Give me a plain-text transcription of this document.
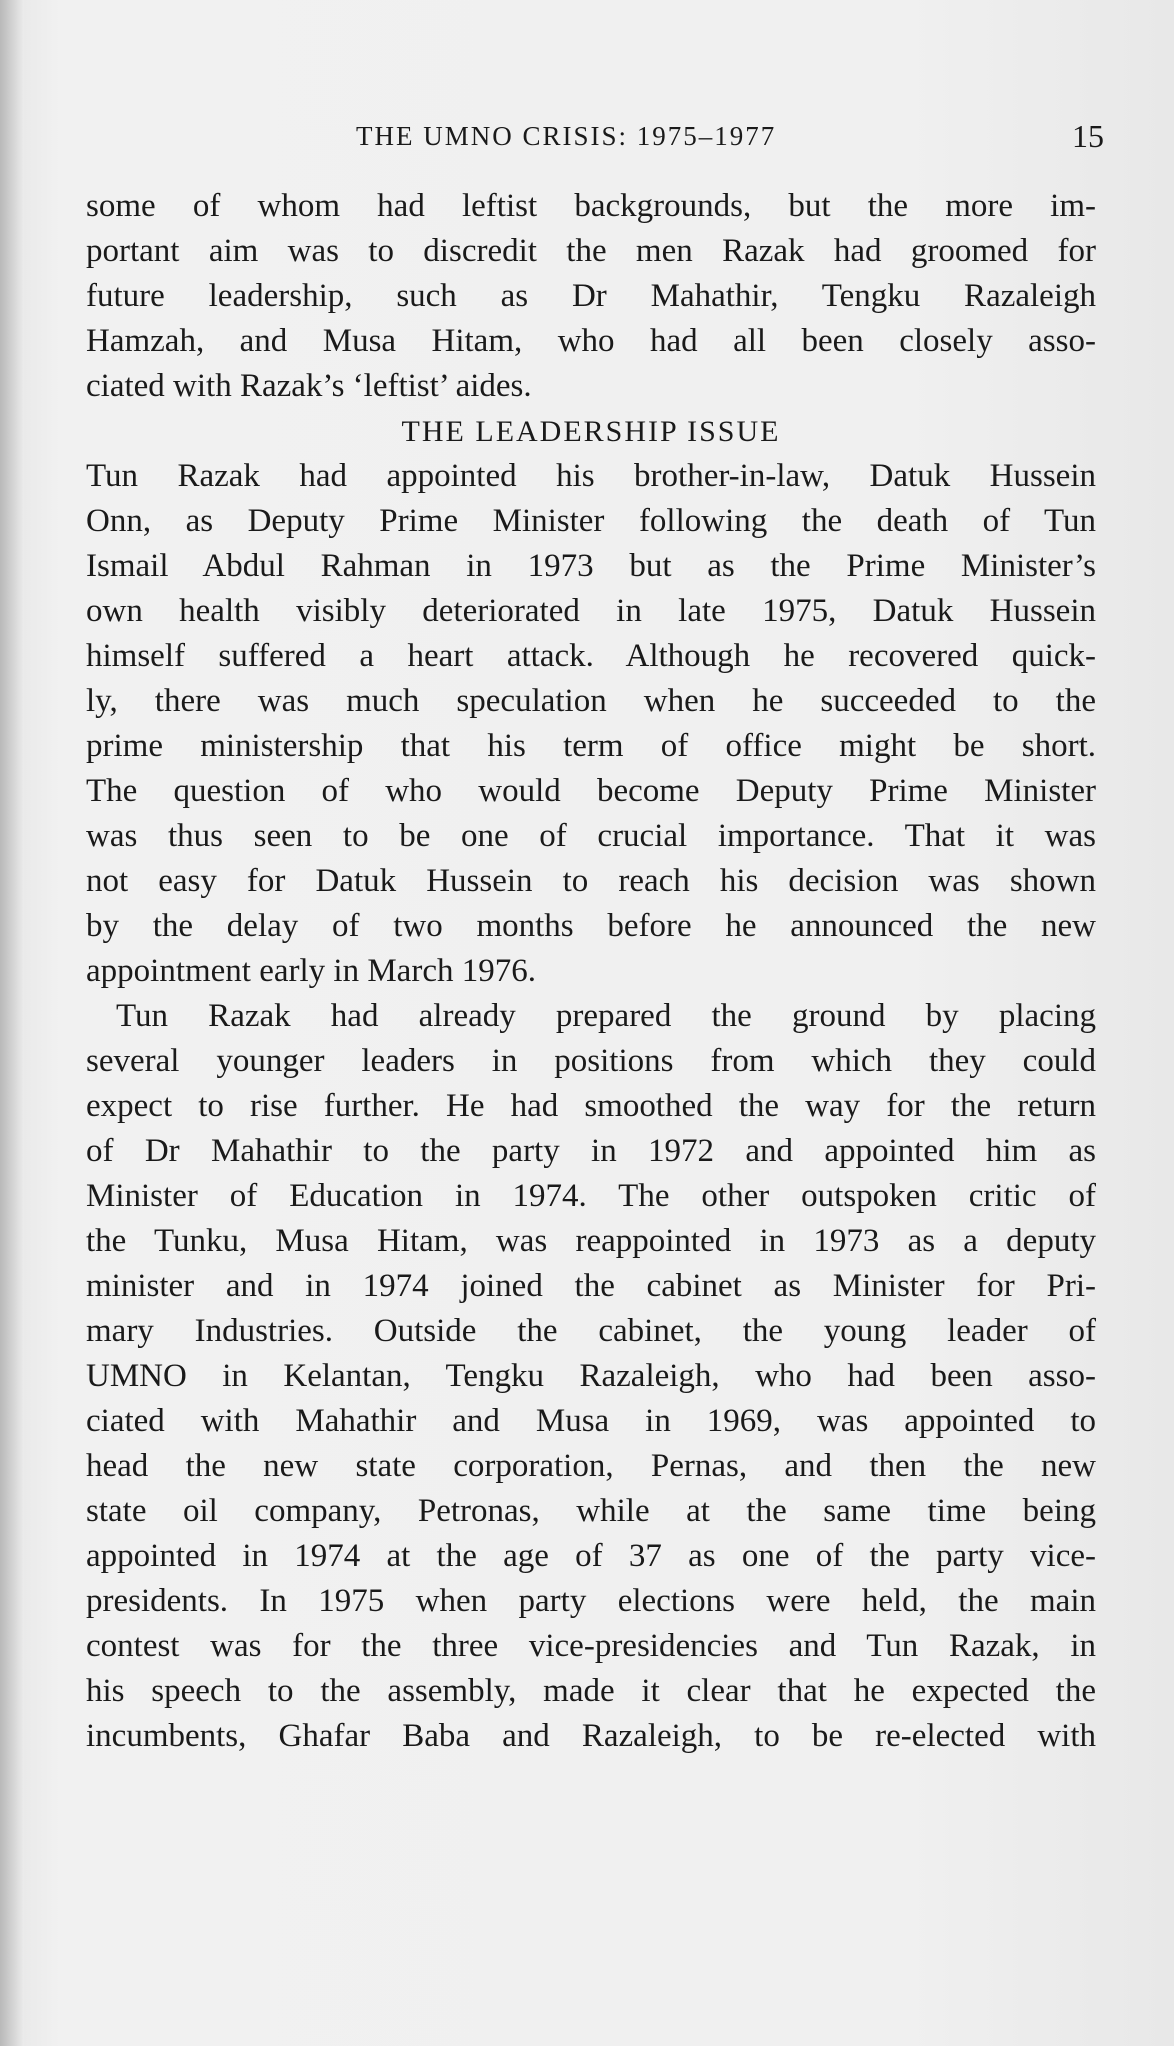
THE UMNO CRISIS: 1975–1977	15
some of whom had leftist backgrounds, but the more im-
portant aim was to discredit the men Razak had groomed for
future leadership, such as Dr Mahathir, Tengku Razaleigh
Hamzah, and Musa Hitam, who had all been closely asso-
ciated with Razak’s ‘leftist’ aides.
THE LEADERSHIP ISSUE
Tun Razak had appointed his brother-in-law, Datuk Hussein
Onn, as Deputy Prime Minister following the death of Tun
Ismail Abdul Rahman in 1973 but as the Prime Minister’s
own health visibly deteriorated in late 1975, Datuk Hussein
himself suffered a heart attack. Although he recovered quick-
ly, there was much speculation when he succeeded to the
prime ministership that his term of office might be short.
The question of who would become Deputy Prime Minister
was thus seen to be one of crucial importance. That it was
not easy for Datuk Hussein to reach his decision was shown
by the delay of two months before he announced the new
appointment early in March 1976.
Tun Razak had already prepared the ground by placing
several younger leaders in positions from which they could
expect to rise further. He had smoothed the way for the return
of Dr Mahathir to the party in 1972 and appointed him as
Minister of Education in 1974. The other outspoken critic of
the Tunku, Musa Hitam, was reappointed in 1973 as a deputy
minister and in 1974 joined the cabinet as Minister for Pri-
mary Industries. Outside the cabinet, the young leader of
UMNO in Kelantan, Tengku Razaleigh, who had been asso-
ciated with Mahathir and Musa in 1969, was appointed to
head the new state corporation, Pernas, and then the new
state oil company, Petronas, while at the same time being
appointed in 1974 at the age of 37 as one of the party vice-
presidents. In 1975 when party elections were held, the main
contest was for the three vice-presidencies and Tun Razak, in
his speech to the assembly, made it clear that he expected the
incumbents, Ghafar Baba and Razaleigh, to be re-elected with
